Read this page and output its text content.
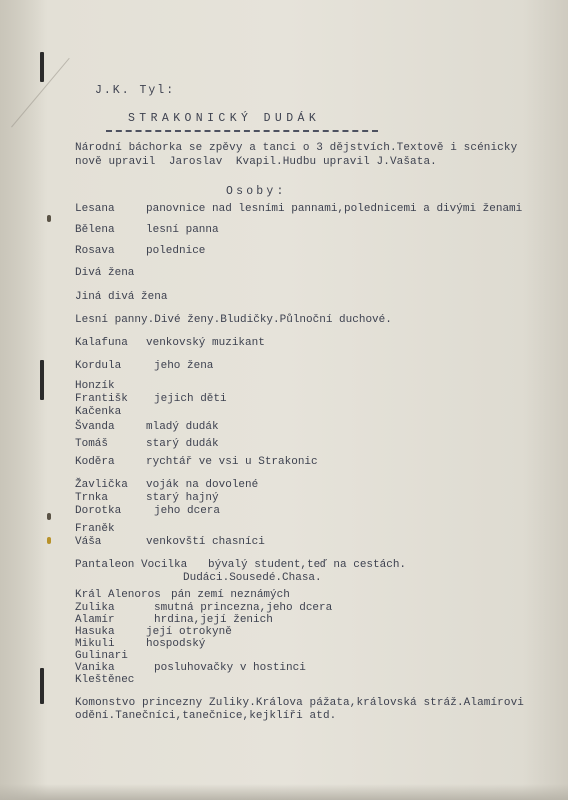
J.K. Tyl:
STRAKONICKÝ DUDÁK
Národní báchorka se zpěvy a tanci o 3 dějstvích.Textově i scénicky
nově upravil  Jaroslav  Kvapil.Hudbu upravil J.Vašata.
Osoby:
Lesana	panovnice nad lesními pannami,polednicemi a divými ženami
Bělena	lesní panna
Rosava	polednice
Divá žena
Jiná divá žena
Lesní panny.Divé ženy.Bludičky.Půlnoční duchové.
Kalafuna venkovský muzikant
Kordula	jeho žena
Honzík
Františk jejich děti
Kačenka
Švanda	mladý dudák
Tomáš	starý dudák
Koděra	rychtář ve vsi u Strakonic
Žavlička voják na dovolené
Trnka	starý hajný
Dorotka	jeho dcera
Franěk
Váša	venkovští chasníci
Pantaleon Vocilka bývalý student,teď na cestách.
Dudáci.Sousedé.Chasa.
Král Alenoros pán zemí neznámých
Zulika	smutná princezna,jeho dcera
Alamír	hrdina,její ženich
Hasuka	její otrokyně
Mikuli	hospodský
Gulinari
Vanika	posluhovačky v hostinci
Kleštěnec
Komonstvo princezny Zuliky.Králova pážata,královská stráž.Alamírovi
odění.Tanečníci,tanečnice,kejklíři atd.
